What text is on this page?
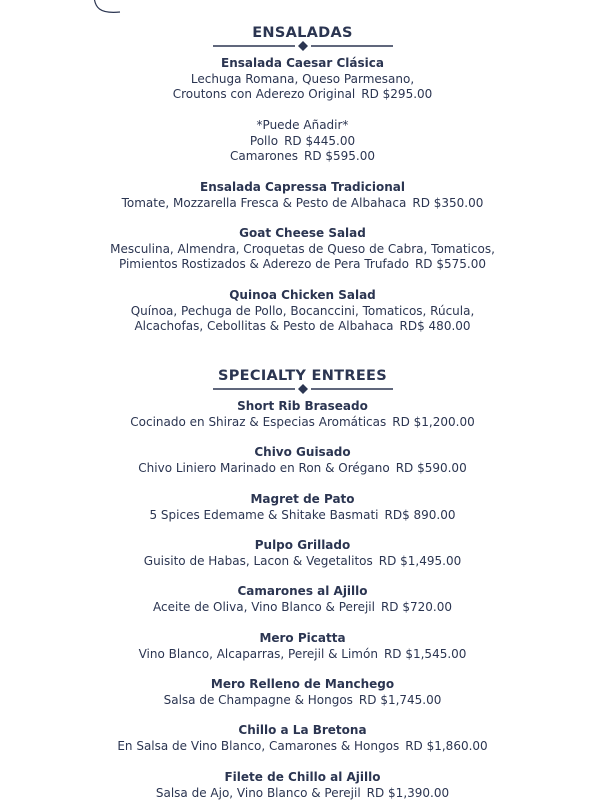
ENSALADAS
Ensalada Caesar Clásica
Lechuga Romana, Queso Parmesano,
Croutons con Aderezo Original RD $295.00
*Puede Añadir*
Pollo RD $445.00
Camarones RD $595.00
Ensalada Capressa Tradicional
Tomate, Mozzarella Fresca & Pesto de Albahaca RD $350.00
Goat Cheese Salad
Mesculina, Almendra, Croquetas de Queso de Cabra, Tomaticos,
Pimientos Rostizados & Aderezo de Pera Trufado RD $575.00
Quinoa Chicken Salad
Quínoa, Pechuga de Pollo, Bocanccini, Tomaticos, Rúcula,
Alcachofas, Cebollitas & Pesto de Albahaca RD$ 480.00
SPECIALTY ENTREES
Short Rib Braseado
Cocinado en Shiraz & Especias Aromáticas RD $1,200.00
Chivo Guisado
Chivo Liniero Marinado en Ron & Orégano RD $590.00
Magret de Pato
5 Spices Edemame & Shitake Basmati RD$ 890.00
Pulpo Grillado
Guisito de Habas, Lacon & Vegetalitos RD $1,495.00
Camarones al Ajillo
Aceite de Oliva, Vino Blanco & Perejil RD $720.00
Mero Picatta
Vino Blanco, Alcaparras, Perejil & Limón RD $1,545.00
Mero Relleno de Manchego
Salsa de Champagne & Hongos RD $1,745.00
Chillo a La Bretona
En Salsa de Vino Blanco, Camarones & Hongos RD $1,860.00
Filete de Chillo al Ajillo
Salsa de Ajo, Vino Blanco & Perejil RD $1,390.00
